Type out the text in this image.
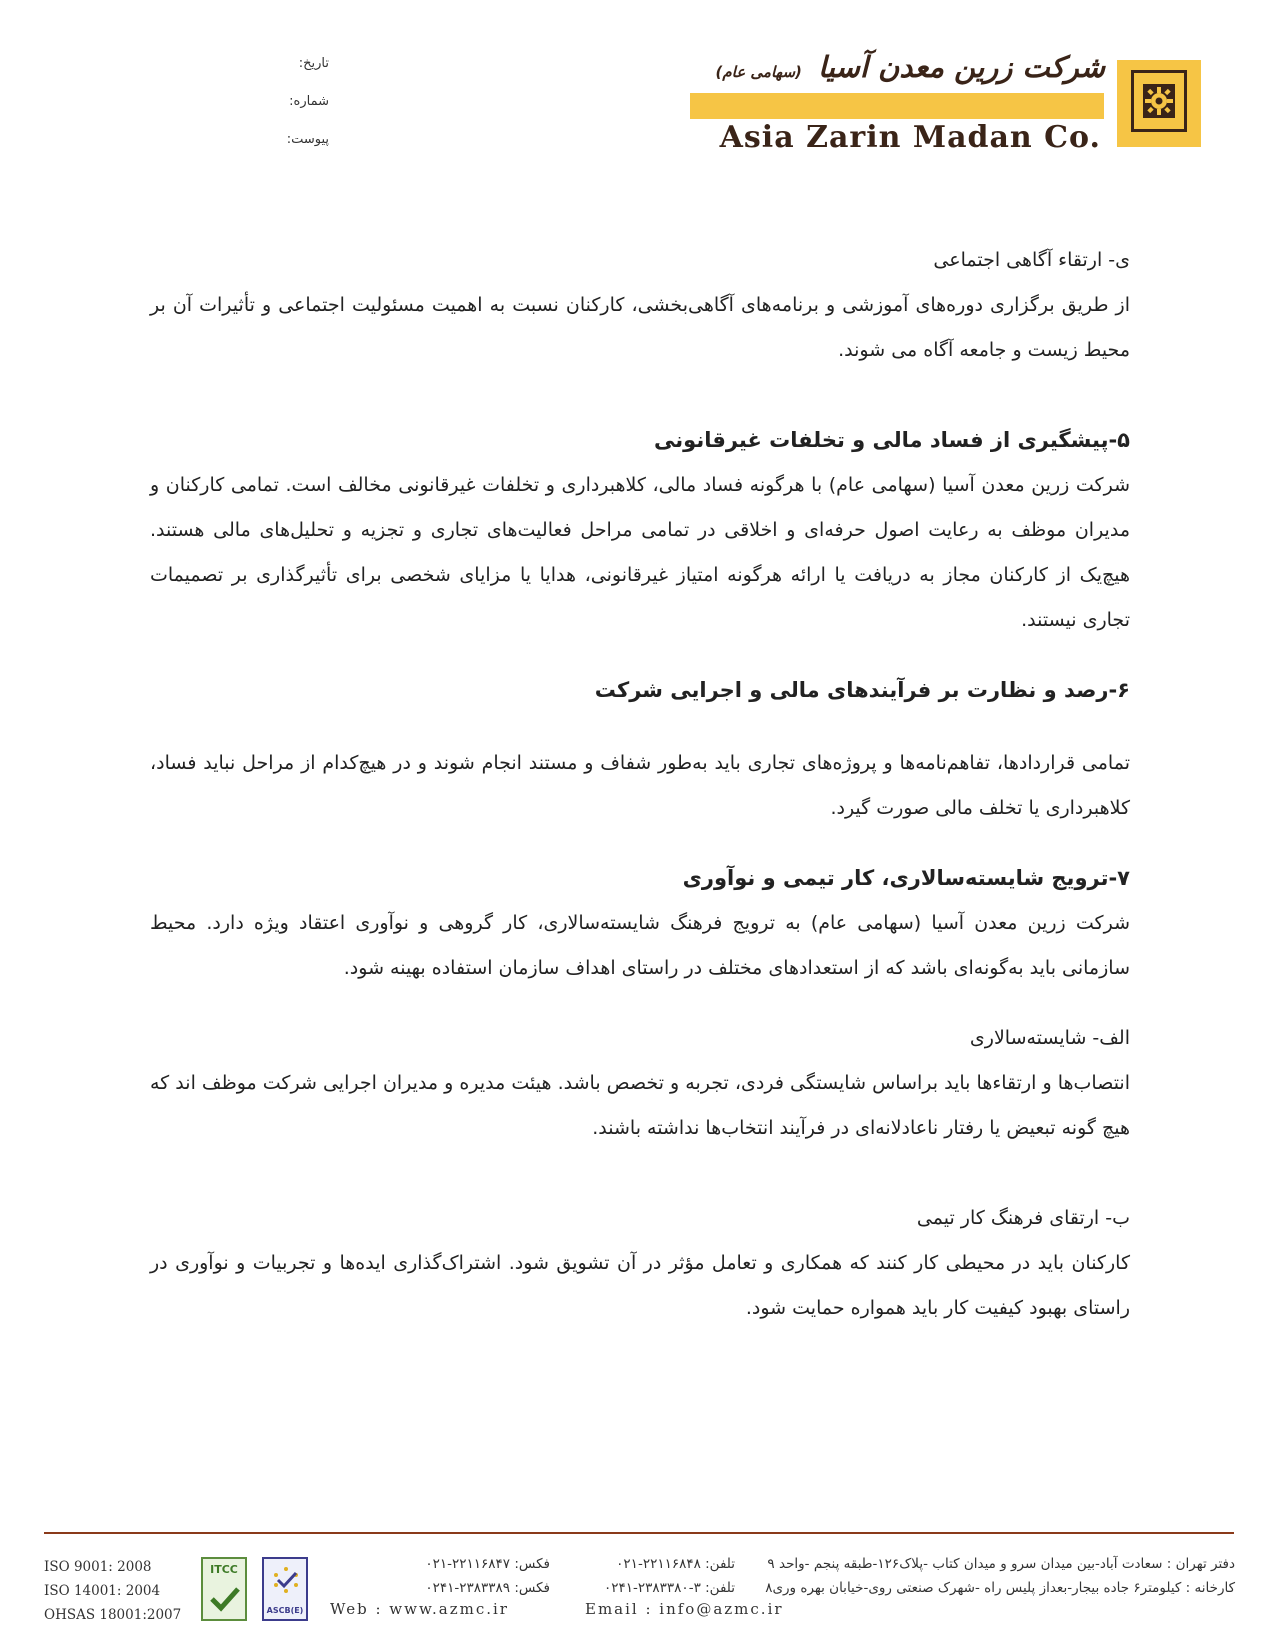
شرکت زرین معدن آسیا (سهامی عام)
Asia Zarin Madan Co.
تاریخ:
شماره:
پیوست:

ی- ارتقاء آگاهی اجتماعی

از طریق برگزاری دوره‌های آموزشی و برنامه‌های آگاهی‌بخشی، کارکنان نسبت به اهمیت مسئولیت اجتماعی و تأثیرات آن بر محیط زیست و جامعه آگاه می شوند.

۵-پیشگیری از فساد مالی و تخلفات غیرقانونی

شرکت زرین معدن آسیا (سهامی عام) با هرگونه فساد مالی، کلاهبرداری و تخلفات غیرقانونی مخالف است. تمامی کارکنان و مدیران موظف به رعایت اصول حرفه‌ای و اخلاقی در تمامی مراحل فعالیت‌های تجاری و تجزیه و تحلیل‌های مالی هستند. هیچ‌یک از کارکنان مجاز به دریافت یا ارائه هرگونه امتیاز غیرقانونی، هدایا یا مزایای شخصی برای تأثیرگذاری بر تصمیمات تجاری نیستند.

۶-رصد و نظارت بر فرآیندهای مالی و اجرایی شرکت

تمامی قراردادها، تفاهم‌نامه‌ها و پروژه‌های تجاری باید به‌طور شفاف و مستند انجام شوند و در هیچ‌کدام از مراحل نباید فساد، کلاهبرداری یا تخلف مالی صورت گیرد.

۷-ترویج شایسته‌سالاری، کار تیمی و نوآوری

شرکت زرین معدن آسیا (سهامی عام) به ترویج فرهنگ شایسته‌سالاری، کار گروهی و نوآوری اعتقاد ویژه دارد. محیط سازمانی باید به‌گونه‌ای باشد که از استعدادهای مختلف در راستای اهداف سازمان استفاده بهینه شود.

الف- شایسته‌سالاری

انتصاب‌ها و ارتقاءها باید براساس شایستگی فردی، تجربه و تخصص باشد. هیئت مدیره و مدیران اجرایی شرکت موظف اند که هیچ گونه تبعیض یا رفتار ناعادلانه‌ای در فرآیند انتخاب‌ها نداشته باشند.

ب- ارتقای فرهنگ کار تیمی

کارکنان باید در محیطی کار کنند که همکاری و تعامل مؤثر در آن تشویق شود. اشتراک‌گذاری ایده‌ها و تجربیات و نوآوری در راستای بهبود کیفیت کار باید همواره حمایت شود.

دفتر تهران : سعادت آباد-بین میدان سرو و میدان کتاب -پلاک۱۲۶-طبقه پنجم -واحد ۹
تلفن: ۲۲۱۱۶۸۴۸-۰۲۱
فکس: ۲۲۱۱۶۸۴۷-۰۲۱
کارخانه : کیلومتر۶ جاده بیجار-بعداز پلیس راه -شهرک صنعتی روی-خیابان بهره وری۸
تلفن: ۳-۲۳۸۳۳۸۰-۰۲۴۱
فکس: ۲۳۸۳۳۸۹-۰۲۴۱
Web : www.azmc.ir	Email : info@azmc.ir
ISO 9001: 2008
ISO 14001: 2004
OHSAS 18001:2007
ITCC
ASCB(E)
